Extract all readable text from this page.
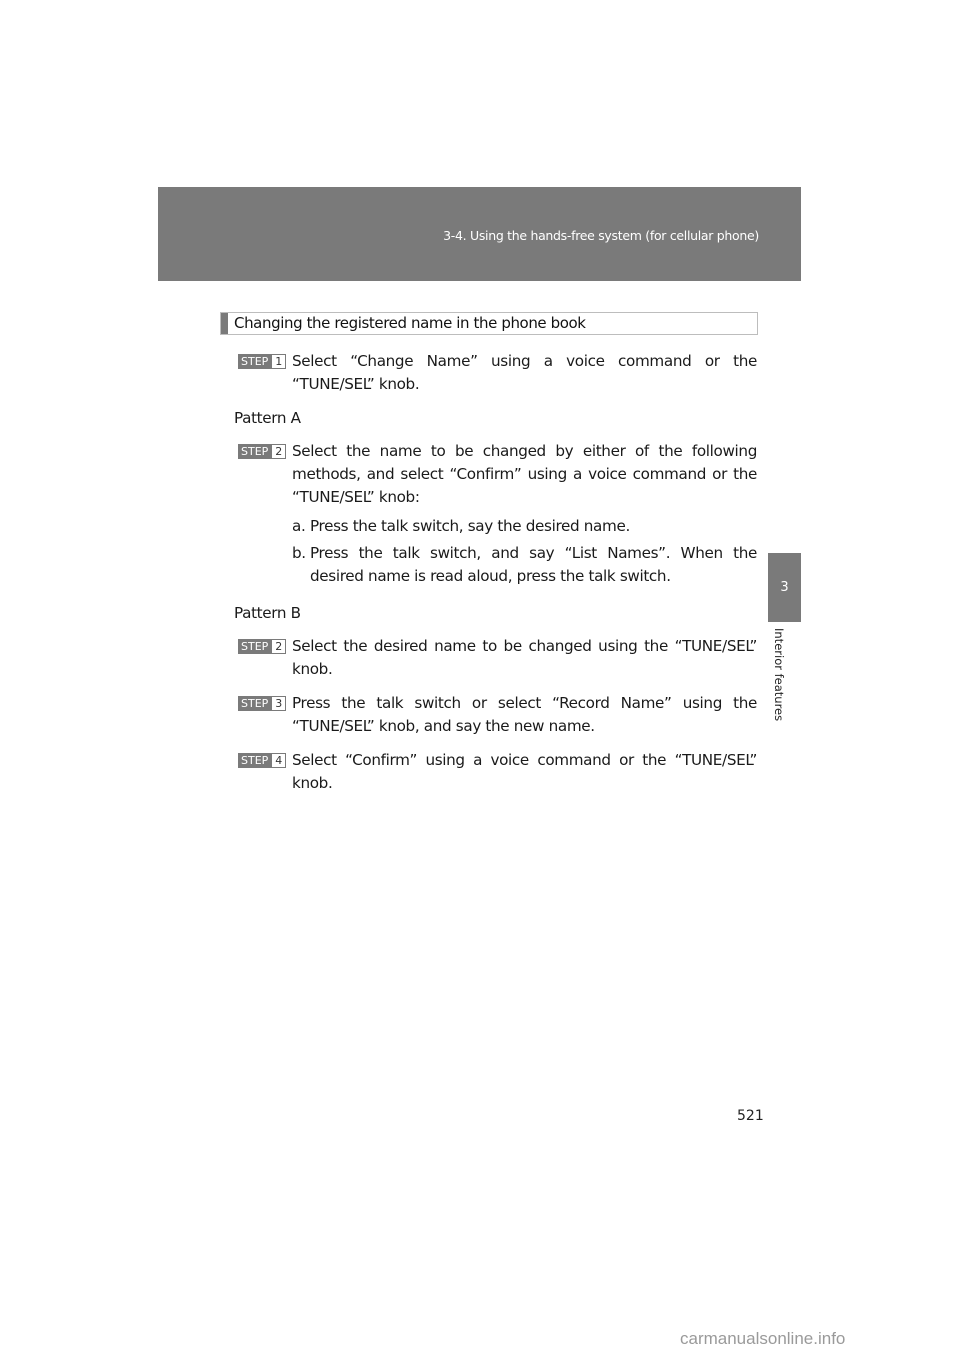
3-4. Using the hands-free system (for cellular phone)
3
Interior features
Changing the registered name in the phone book
STEP 1 Select “Change Name” using a voice command or the “TUNE/SEL” knob.
Pattern A
STEP 2 Select the name to be changed by either of the following methods, and select “Confirm” using a voice command or the “TUNE/SEL” knob:
a. Press the talk switch, say the desired name.
b. Press the talk switch, and say “List Names”. When the desired name is read aloud, press the talk switch.
Pattern B
STEP 2 Select the desired name to be changed using the “TUNE/SEL” knob.
STEP 3 Press the talk switch or select “Record Name” using the “TUNE/SEL” knob, and say the new name.
STEP 4 Select “Confirm” using a voice command or the “TUNE/SEL” knob.
521
carmanualsonline.info
